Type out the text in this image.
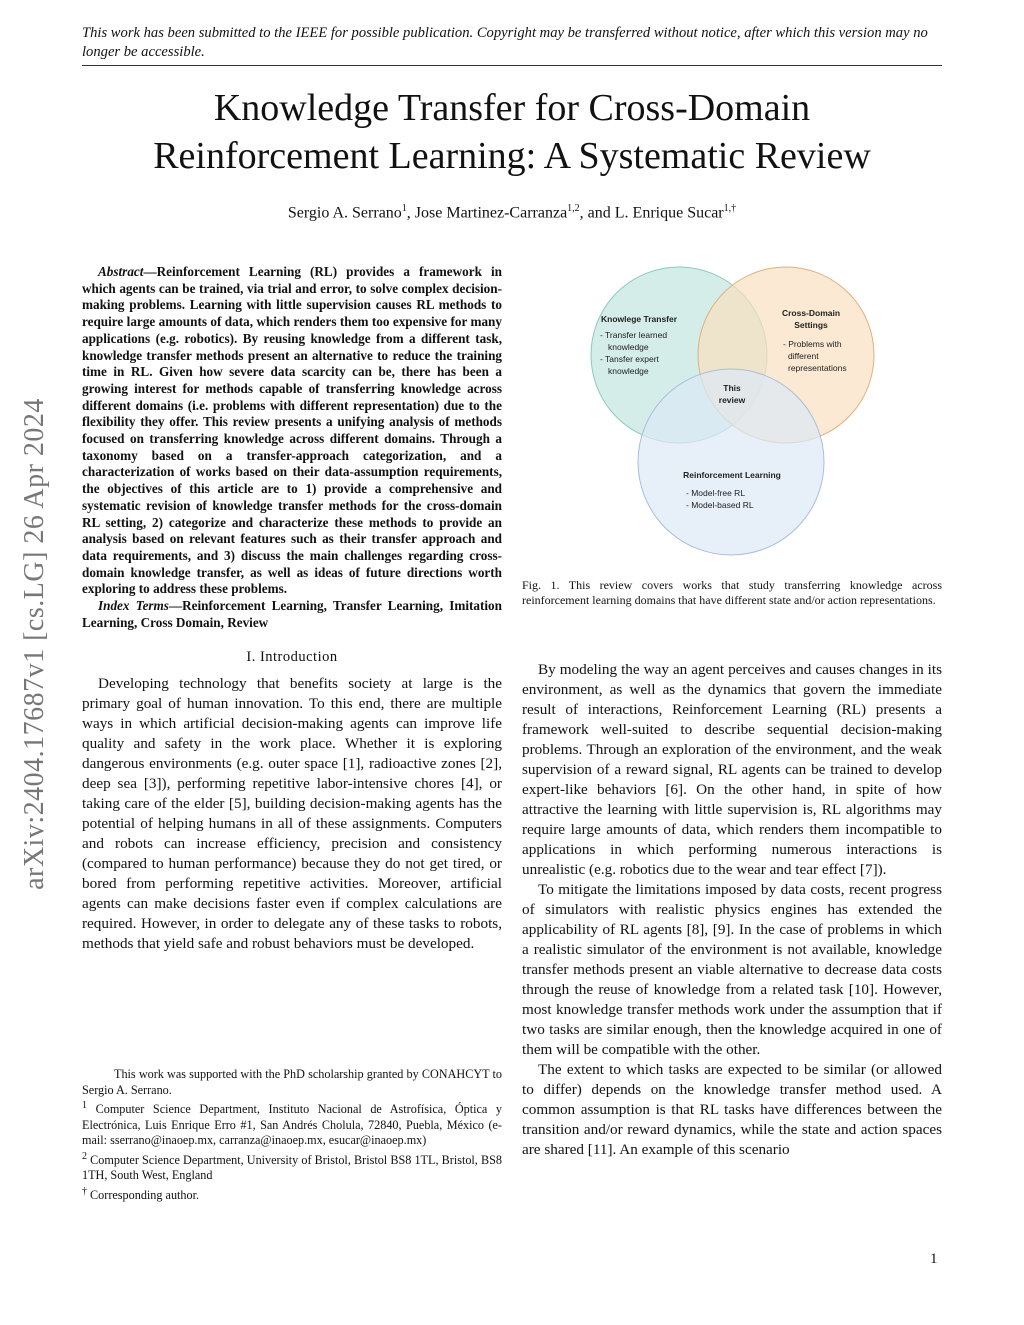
This work has been submitted to the IEEE for possible publication. Copyright may be transferred without notice, after which this version may no longer be accessible.
Knowledge Transfer for Cross-Domain
Reinforcement Learning: A Systematic Review
Sergio A. Serrano$^1$, Jose Martinez-Carranza$^{1,2}$, and L. Enrique Sucar$^{1,\dagger}$
arXiv:2404.17687v1 [cs.LG] 26 Apr 2024

Abstract—Reinforcement Learning (RL) provides a framework in which agents can be trained, via trial and error, to solve complex decision-making problems. Learning with little supervision causes RL methods to require large amounts of data, which renders them too expensive for many applications (e.g. robotics). By reusing knowledge from a different task, knowledge transfer methods present an alternative to reduce the training time in RL. Given how severe data scarcity can be, there has been a growing interest for methods capable of transferring knowledge across different domains (i.e. problems with different representation) due to the flexibility they offer. This review presents a unifying analysis of methods focused on transferring knowledge across different domains. Through a taxonomy based on a transfer-approach categorization, and a characterization of works based on their data-assumption requirements, the objectives of this article are to 1) provide a comprehensive and systematic revision of knowledge transfer methods for the cross-domain RL setting, 2) categorize and characterize these methods to provide an analysis based on relevant features such as their transfer approach and data requirements, and 3) discuss the main challenges regarding cross-domain knowledge transfer, as well as ideas of future directions worth exploring to address these problems.

Index Terms—Reinforcement Learning, Transfer Learning, Imitation Learning, Cross Domain, Review

I. Introduction

Developing technology that benefits society at large is the primary goal of human innovation. To this end, there are multiple ways in which artificial decision-making agents can improve life quality and safety in the work place. Whether it is exploring dangerous environments (e.g. outer space [1], radioactive zones [2], deep sea [3]), performing repetitive labor-intensive chores [4], or taking care of the elder [5], building decision-making agents has the potential of helping humans in all of these assignments. Computers and robots can increase efficiency, precision and consistency (compared to human performance) because they do not get tired, or bored from performing repetitive activities. Moreover, artificial agents can make decisions faster even if complex calculations are required. However, in order to delegate any of these tasks to robots, methods that yield safe and robust behaviors must be developed.

This work was supported with the PhD scholarship granted by CONAHCYT to Sergio A. Serrano.

$^1$ Computer Science Department, Instituto Nacional de Astrofísica, Óptica y Electrónica, Luis Enrique Erro #1, San Andrés Cholula, 72840, Puebla, México (e-mail: sserrano@inaoep.mx, carranza@inaoep.mx, esucar@inaoep.mx)

$^2$ Computer Science Department, University of Bristol, Bristol BS8 1TL, Bristol, BS8 1TH, South West, England

† Corresponding author.

Knowlege Transfer
- Transfer learned
knowledge
- Tansfer expert
knowledge
Cross-Domain
Settings
- Problems with
different
representations
This
review
Reinforcement Learning
- Model-free RL
- Model-based RL
Fig. 1. This review covers works that study transferring knowledge across reinforcement learning domains that have different state and/or action representations.

By modeling the way an agent perceives and causes changes in its environment, as well as the dynamics that govern the immediate result of interactions, Reinforcement Learning (RL) presents a framework well-suited to describe sequential decision-making problems. Through an exploration of the environment, and the weak supervision of a reward signal, RL agents can be trained to develop expert-like behaviors [6]. On the other hand, in spite of how attractive the learning with little supervision is, RL algorithms may require large amounts of data, which renders them incompatible to applications in which performing numerous interactions is unrealistic (e.g. robotics due to the wear and tear effect [7]).

To mitigate the limitations imposed by data costs, recent progress of simulators with realistic physics engines has extended the applicability of RL agents [8], [9]. In the case of problems in which a realistic simulator of the environment is not available, knowledge transfer methods present an viable alternative to decrease data costs through the reuse of knowledge from a related task [10]. However, most knowledge transfer methods work under the assumption that if two tasks are similar enough, then the knowledge acquired in one of them will be compatible with the other.

The extent to which tasks are expected to be similar (or allowed to differ) depends on the knowledge transfer method used. A common assumption is that RL tasks have differences between the transition and/or reward dynamics, while the state and action spaces are shared [11]. An example of this scenario

1
